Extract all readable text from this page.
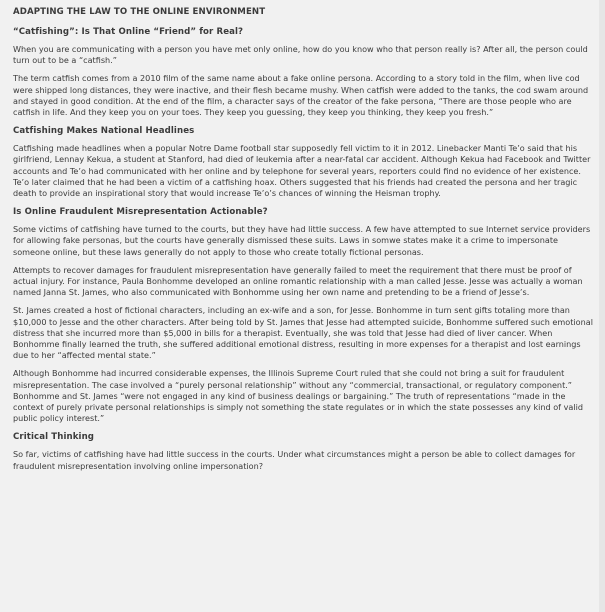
ADAPTING THE LAW TO THE ONLINE ENVIRONMENT
“Catfishing”: Is That Online “Friend” for Real?

When you are communicating with a person you have met only online, how do you know who that person really is? After all, the person could turn out to be a “catfish.”

The term catfish comes from a 2010 film of the same name about a fake online persona. According to a story told in the film, when live cod were shipped long distances, they were inactive, and their flesh became mushy. When catfish were added to the tanks, the cod swam around and stayed in good condition. At the end of the film, a character says of the creator of the fake persona, “There are those people who are catfish in life. And they keep you on your toes. They keep you guessing, they keep you thinking, they keep you fresh.”

Catfishing Makes National Headlines

Catfishing made headlines when a popular Notre Dame football star supposedly fell victim to it in 2012. Linebacker Manti Te’o said that his girlfriend, Lennay Kekua, a student at Stanford, had died of leukemia after a near-fatal car accident. Although Kekua had Facebook and Twitter accounts and Te’o had communicated with her online and by telephone for several years, reporters could find no evidence of her existence. Te’o later claimed that he had been a victim of a catfishing hoax. Others suggested that his friends had created the persona and her tragic death to provide an inspirational story that would increase Te’o’s chances of winning the Heisman trophy.

Is Online Fraudulent Misrepresentation Actionable?

Some victims of catfishing have turned to the courts, but they have had little success. A few have attempted to sue Internet service providers for allowing fake personas, but the courts have generally dismissed these suits. Laws in somwe states make it a crime to impersonate someone online, but these laws generally do not apply to those who create totally fictional personas.

Attempts to recover damages for fraudulent misrepresentation have generally failed to meet the requirement that there must be proof of actual injury. For instance, Paula Bonhomme developed an online romantic relationship with a man called Jesse. Jesse was actually a woman named Janna St. James, who also communicated with Bonhomme using her own name and pretending to be a friend of Jesse’s.

St. James created a host of fictional characters, including an ex-wife and a son, for Jesse. Bonhomme in turn sent gifts totaling more than $10,000 to Jesse and the other characters. After being told by St. James that Jesse had attempted suicide, Bonhomme suffered such emotional distress that she incurred more than $5,000 in bills for a therapist. Eventually, she was told that Jesse had died of liver cancer. When Bonhomme finally learned the truth, she suffered additional emotional distress, resulting in more expenses for a therapist and lost earnings due to her “affected mental state.”

Although Bonhomme had incurred considerable expenses, the Illinois Supreme Court ruled that she could not bring a suit for fraudulent misrepresentation. The case involved a “purely personal relationship” without any “commercial, transactional, or regulatory component.” Bonhomme and St. James “were not engaged in any kind of business dealings or bargaining.” The truth of representations “made in the context of purely private personal relationships is simply not something the state regulates or in which the state possesses any kind of valid public policy interest.”

Critical Thinking

So far, victims of catfishing have had little success in the courts. Under what circumstances might a person be able to collect damages for fraudulent misrepresentation involving online impersonation?
